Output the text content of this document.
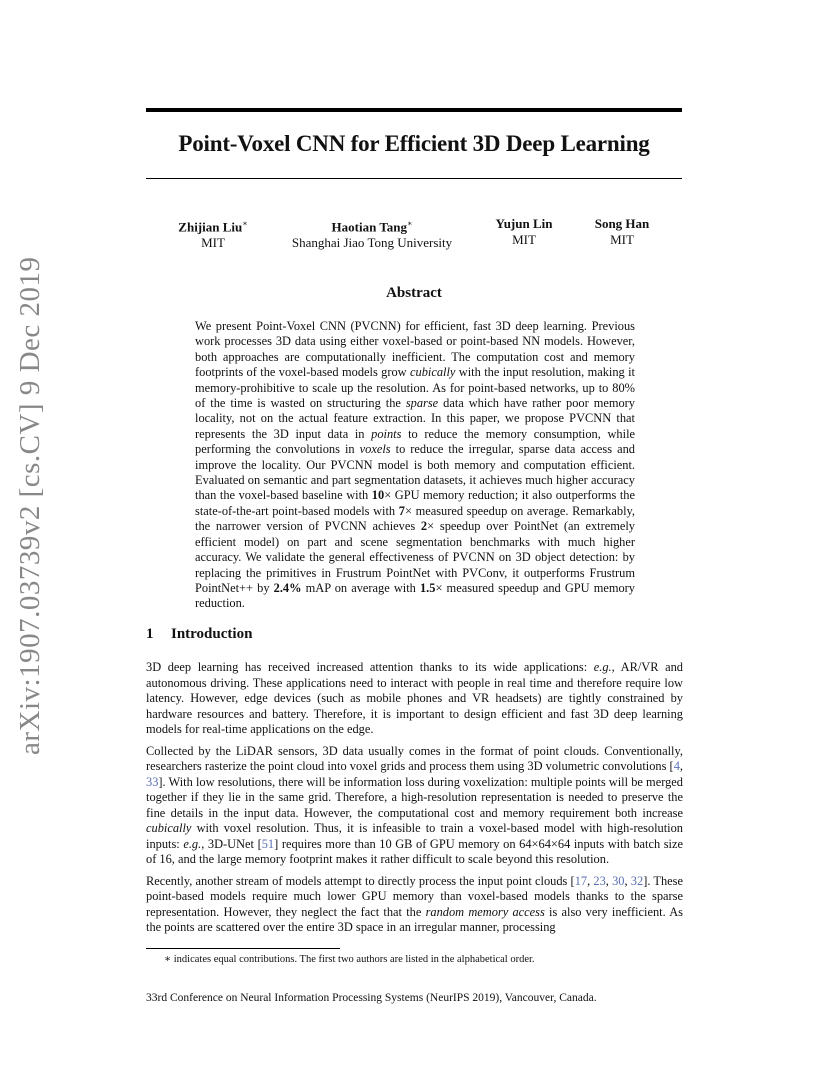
arXiv:1907.03739v2 [cs.CV] 9 Dec 2019
Point-Voxel CNN for Efficient 3D Deep Learning
Zhijian Liu∗
MIT
Haotian Tang∗
Shanghai Jiao Tong University
Yujun Lin
MIT
Song Han
MIT
Abstract
We present Point-Voxel CNN (PVCNN) for efficient, fast 3D deep learning. Previous work processes 3D data using either voxel-based or point-based NN models. However, both approaches are computationally inefficient. The computation cost and memory footprints of the voxel-based models grow cubically with the input resolution, making it memory-prohibitive to scale up the resolution. As for point-based networks, up to 80% of the time is wasted on structuring the sparse data which have rather poor memory locality, not on the actual feature extraction. In this paper, we propose PVCNN that represents the 3D input data in points to reduce the memory consumption, while performing the convolutions in voxels to reduce the irregular, sparse data access and improve the locality. Our PVCNN model is both memory and computation efficient. Evaluated on semantic and part segmentation datasets, it achieves much higher accuracy than the voxel-based baseline with 10× GPU memory reduction; it also outperforms the state-of-the-art point-based models with 7× measured speedup on average. Remarkably, the narrower version of PVCNN achieves 2× speedup over PointNet (an extremely efficient model) on part and scene segmentation benchmarks with much higher accuracy. We validate the general effectiveness of PVCNN on 3D object detection: by replacing the primitives in Frustrum PointNet with PVConv, it outperforms Frustrum PointNet++ by 2.4% mAP on average with 1.5× measured speedup and GPU memory reduction.
1 Introduction

3D deep learning has received increased attention thanks to its wide applications: e.g., AR/VR and autonomous driving. These applications need to interact with people in real time and therefore require low latency. However, edge devices (such as mobile phones and VR headsets) are tightly constrained by hardware resources and battery. Therefore, it is important to design efficient and fast 3D deep learning models for real-time applications on the edge.

Collected by the LiDAR sensors, 3D data usually comes in the format of point clouds. Conventionally, researchers rasterize the point cloud into voxel grids and process them using 3D volumetric convolutions [4, 33]. With low resolutions, there will be information loss during voxelization: multiple points will be merged together if they lie in the same grid. Therefore, a high-resolution representation is needed to preserve the fine details in the input data. However, the computational cost and memory requirement both increase cubically with voxel resolution. Thus, it is infeasible to train a voxel-based model with high-resolution inputs: e.g., 3D-UNet [51] requires more than 10 GB of GPU memory on 64×64×64 inputs with batch size of 16, and the large memory footprint makes it rather difficult to scale beyond this resolution.

Recently, another stream of models attempt to directly process the input point clouds [17, 23, 30, 32]. These point-based models require much lower GPU memory than voxel-based models thanks to the sparse representation. However, they neglect the fact that the random memory access is also very inefficient. As the points are scattered over the entire 3D space in an irregular manner, processing

∗ indicates equal contributions. The first two authors are listed in the alphabetical order.
33rd Conference on Neural Information Processing Systems (NeurIPS 2019), Vancouver, Canada.
